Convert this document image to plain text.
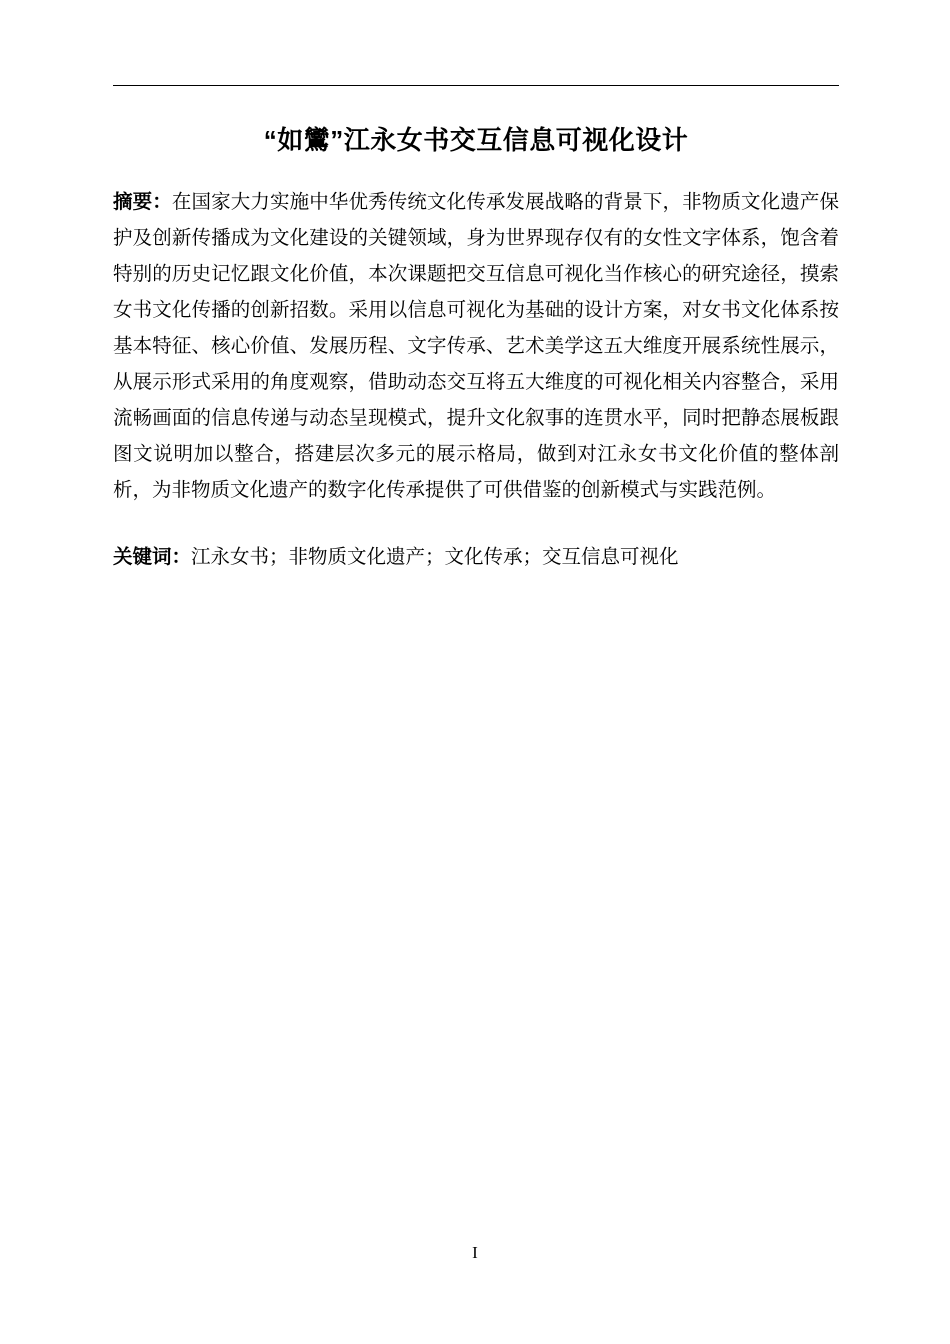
“如鸞”江永女书交互信息可视化设计

摘要：在国家大力实施中华优秀传统文化传承发展战略的背景下，非物质文化遗产保护及创新传播成为文化建设的关键领域，身为世界现存仅有的女性文字体系，饱含着特别的历史记忆跟文化价值，本次课题把交互信息可视化当作核心的研究途径，摸索女书文化传播的创新招数。采用以信息可视化为基础的设计方案，对女书文化体系按基本特征、核心价值、发展历程、文字传承、艺术美学这五大维度开展系统性展示，从展示形式采用的角度观察，借助动态交互将五大维度的可视化相关内容整合，采用流畅画面的信息传递与动态呈现模式，提升文化叙事的连贯水平，同时把静态展板跟图文说明加以整合，搭建层次多元的展示格局，做到对江永女书文化价值的整体剖析，为非物质文化遗产的数字化传承提供了可供借鉴的创新模式与实践范例。

关键词：江永女书；非物质文化遗产；文化传承；交互信息可视化

I
